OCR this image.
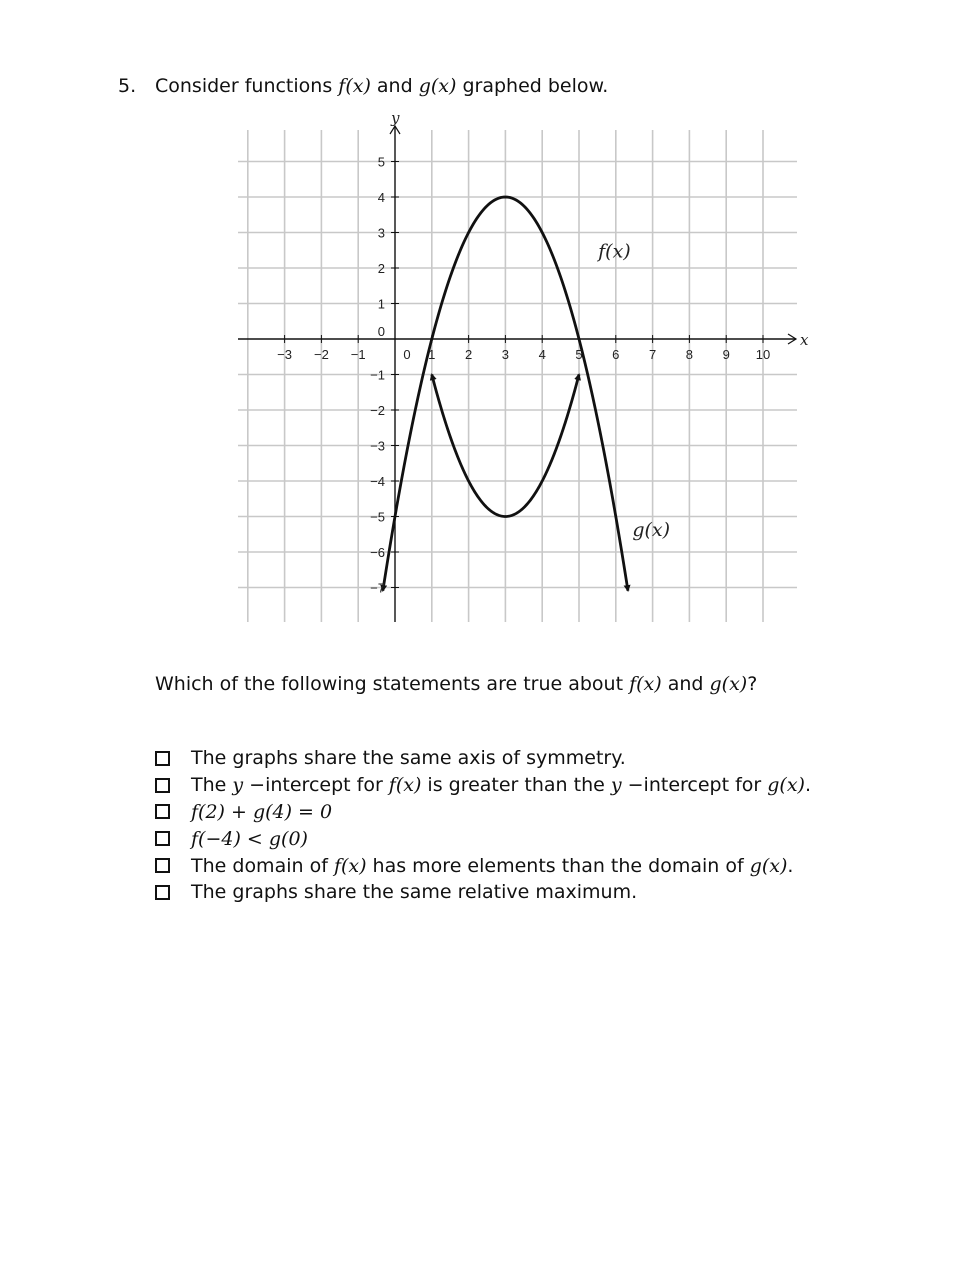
5. Consider functions f(x) and g(x) graphed below.
x
y
−3 −2 −1	1 2 3 4 5 6 7 8 9 10
5
4
3
2
1
−1
−2
−3
−4
−5
−6
−7
0
0
f(x)
g(x)
Which of the following statements are true about f(x) and g(x)?
The graphs share the same axis of symmetry.
The y −intercept for f(x) is greater than the y −intercept for g(x).
f(2) + g(4) = 0
f(−4) < g(0)
The domain of f(x) has more elements than the domain of g(x).
The graphs share the same relative maximum.
